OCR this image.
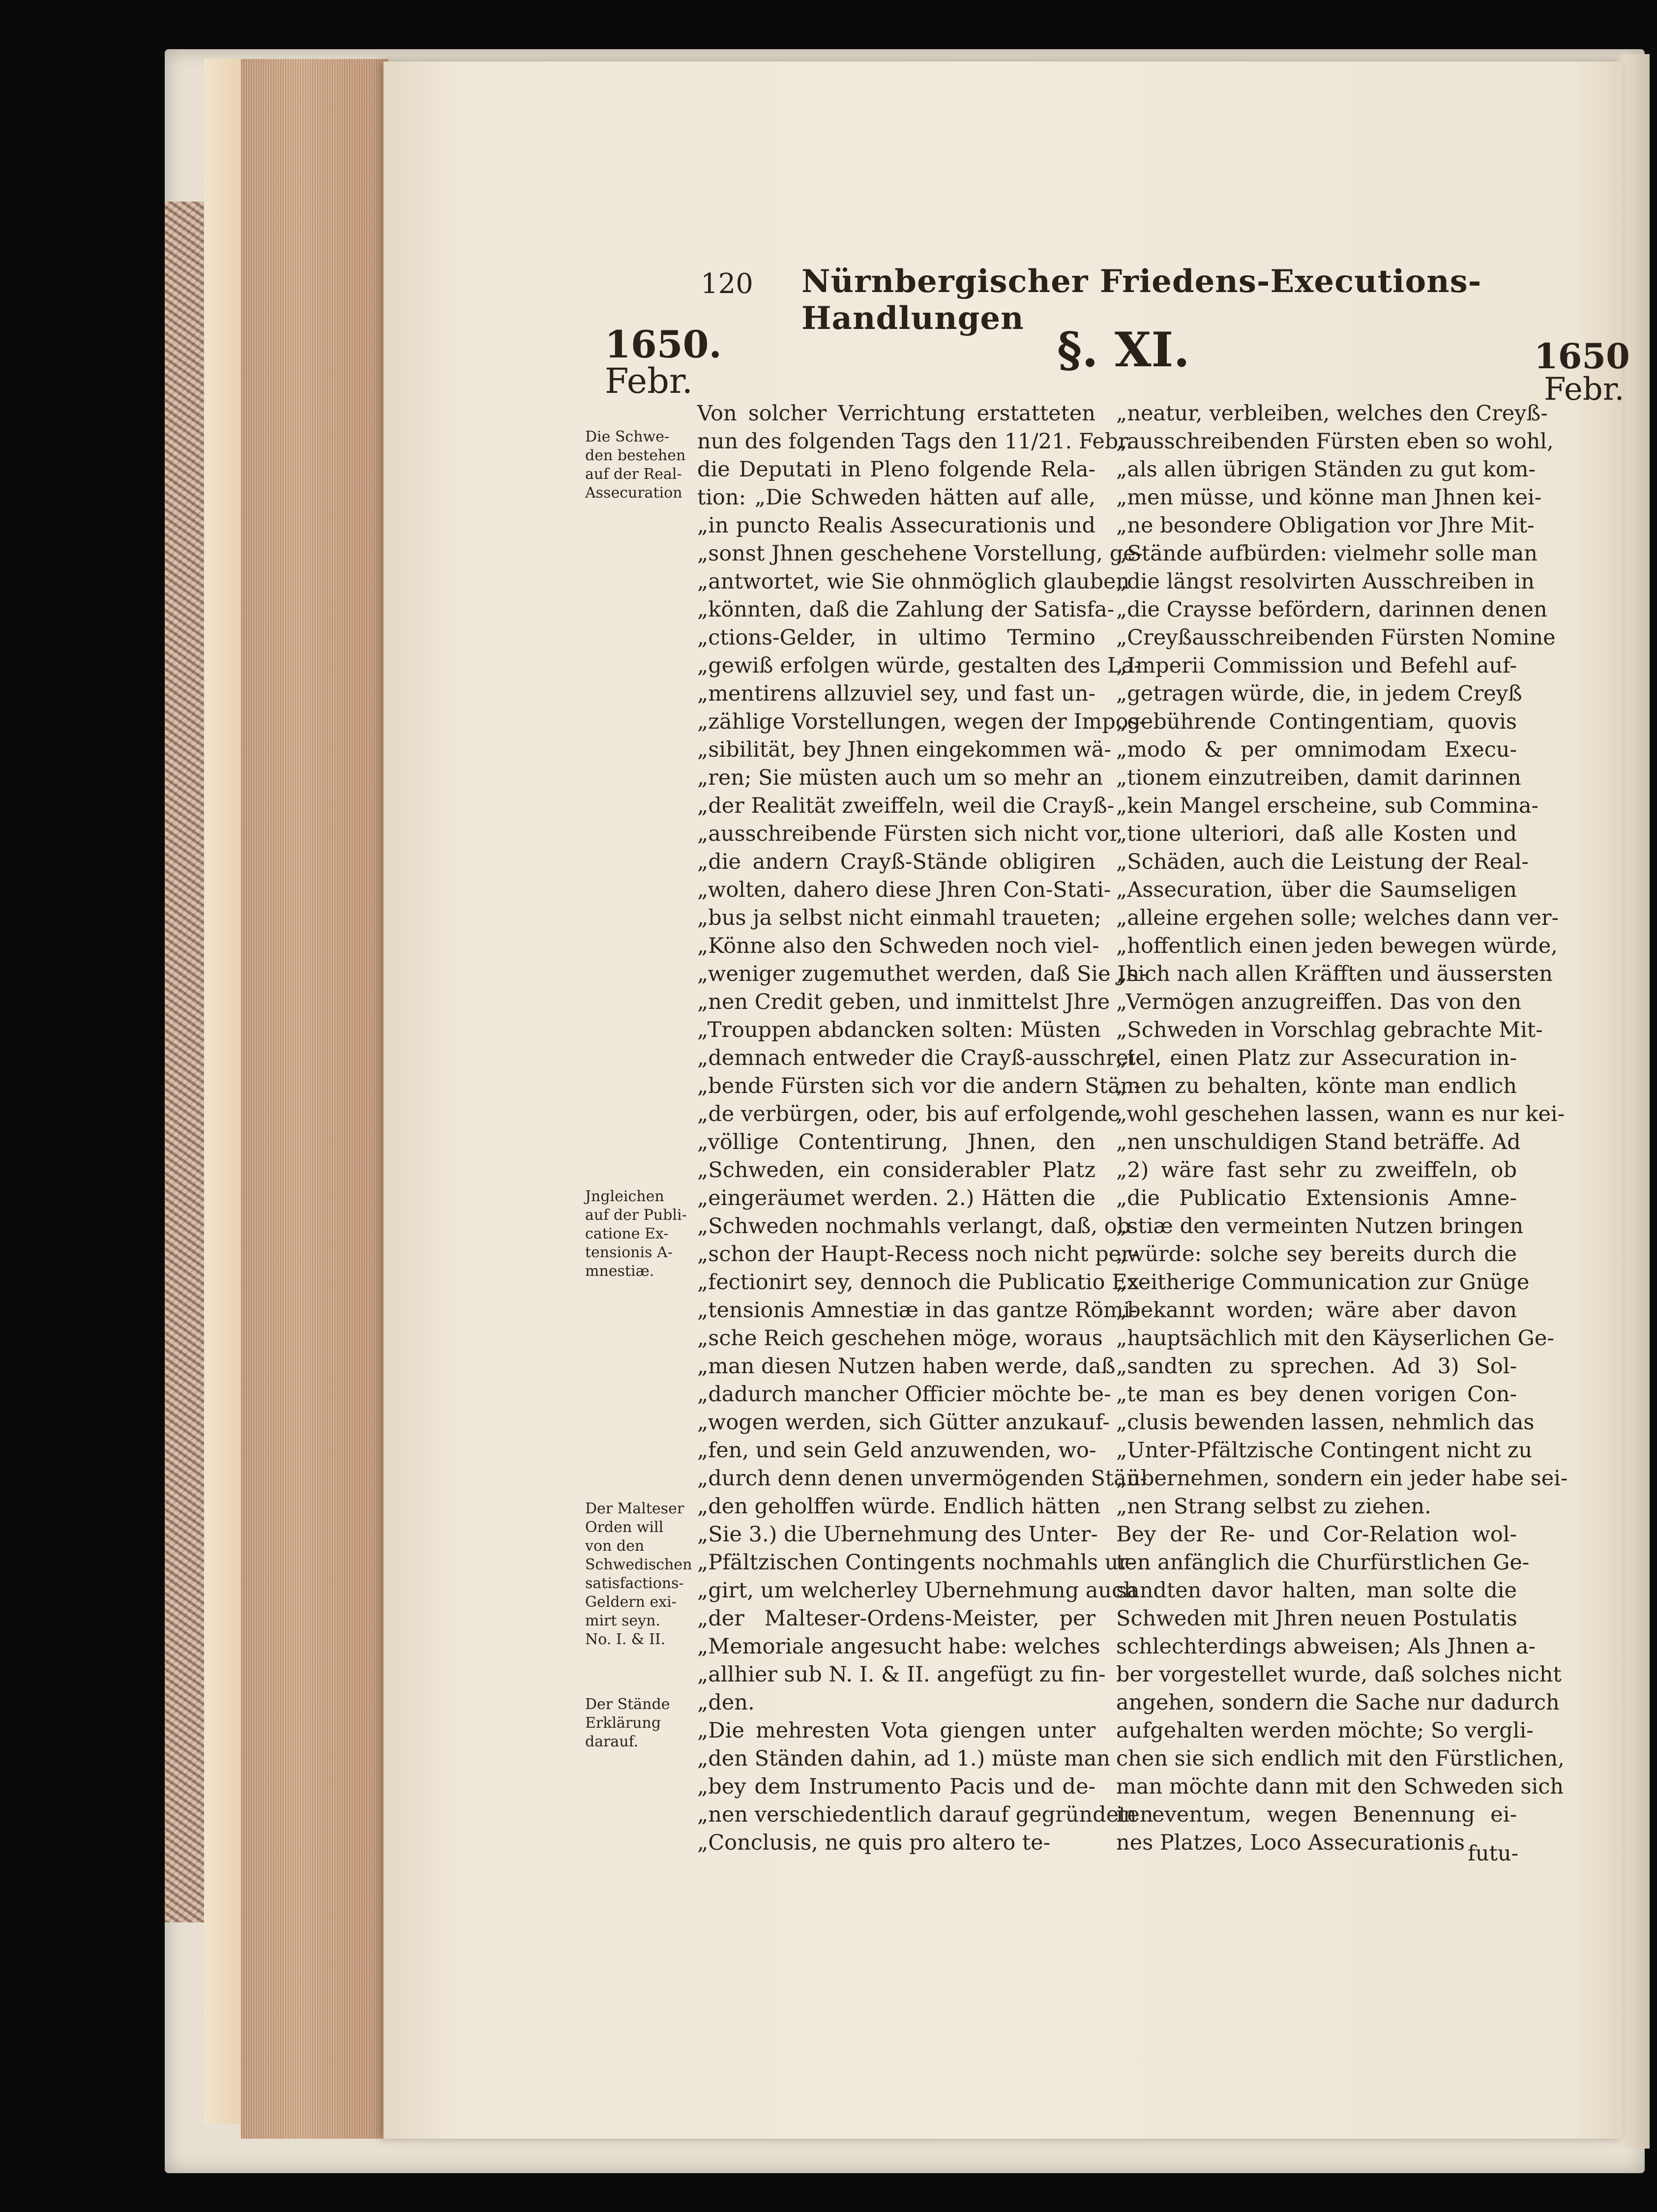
120 Nürnbergischer Friedens-Executions- Handlungen
1650.
Febr.
§. XI.	1650
Febr.
Die Schwe-
den bestehen
auf der Real-
Assecuration
Jngleichen
auf der Publi-
catione Ex-
tensionis A-
mnestiæ.
Der Malteser
Orden will
von den
Schwedischen
satisfactions-
Geldern exi-
mirt seyn.
No. I. & II.
Der Stände
Erklärung
darauf.
Von solcher Verrichtung erstatteten
nun des folgenden Tags den 11/21. Febr.
die Deputati in Pleno folgende Rela-
tion: „Die Schweden hätten auf alle,
„in puncto Realis Assecurationis und
„sonst Jhnen geschehene Vorstellung, ge-
„antwortet, wie Sie ohnmöglich glauben
„könnten, daß die Zahlung der Satisfa-
„ctions-Gelder, in ultimo Termino
„gewiß erfolgen würde, gestalten des La-
„mentirens allzuviel sey, und fast un-
„zählige Vorstellungen, wegen der Impos-
„sibilität, bey Jhnen eingekommen wä-
„ren; Sie müsten auch um so mehr an
„der Realität zweiffeln, weil die Crayß-
„ausschreibende Fürsten sich nicht vor
„die andern Crayß-Stände obligiren
„wolten, dahero diese Jhren Con-Stati-
„bus ja selbst nicht einmahl traueten;
„Könne also den Schweden noch viel-
„weniger zugemuthet werden, daß Sie Jh-
„nen Credit geben, und inmittelst Jhre
„Trouppen abdancken solten: Müsten
„demnach entweder die Crayß-ausschrei-
„bende Fürsten sich vor die andern Stän-
„de verbürgen, oder, bis auf erfolgende
„völlige Contentirung, Jhnen, den
„Schweden, ein considerabler Platz
„eingeräumet werden. 2.) Hätten die
„Schweden nochmahls verlangt, daß, ob
„schon der Haupt-Recess noch nicht per-
„fectionirt sey, dennoch die Publicatio Ex-
„tensionis Amnestiæ in das gantze Römi-
„sche Reich geschehen möge, woraus
„man diesen Nutzen haben werde, daß
„dadurch mancher Officier möchte be-
„wogen werden, sich Gütter anzukauf-
„fen, und sein Geld anzuwenden, wo-
„durch denn denen unvermögenden Stän-
„den geholffen würde. Endlich hätten
„Sie 3.) die Ubernehmung des Unter-
„Pfältzischen Contingents nochmahls ur-
„girt, um welcherley Ubernehmung auch
„der Malteser-Ordens-Meister, per
„Memoriale angesucht habe: welches
„allhier sub N. I. & II. angefügt zu fin-
„den.
„Die mehresten Vota giengen unter
„den Ständen dahin, ad 1.) müste man
„bey dem Instrumento Pacis und de-
„nen verschiedentlich darauf gegründeten
„Conclusis, ne quis pro altero te-
„neatur, verbleiben, welches den Creyß-
„ausschreibenden Fürsten eben so wohl,
„als allen übrigen Ständen zu gut kom-
„men müsse, und könne man Jhnen kei-
„ne besondere Obligation vor Jhre Mit-
„Stände aufbürden: vielmehr solle man
„die längst resolvirten Ausschreiben in
„die Craysse befördern, darinnen denen
„Creyßausschreibenden Fürsten Nomine
„Imperii Commission und Befehl auf-
„getragen würde, die, in jedem Creyß
„gebührende Contingentiam, quovis
„modo & per omnimodam Execu-
„tionem einzutreiben, damit darinnen
„kein Mangel erscheine, sub Commina-
„tione ulteriori, daß alle Kosten und
„Schäden, auch die Leistung der Real-
„Assecuration, über die Saumseligen
„alleine ergehen solle; welches dann ver-
„hoffentlich einen jeden bewegen würde,
„sich nach allen Kräfften und äussersten
„Vermögen anzugreiffen. Das von den
„Schweden in Vorschlag gebrachte Mit-
„tel, einen Platz zur Assecuration in-
„nen zu behalten, könte man endlich
„wohl geschehen lassen, wann es nur kei-
„nen unschuldigen Stand beträffe. Ad
„2) wäre fast sehr zu zweiffeln, ob
„die Publicatio Extensionis Amne-
„stiæ den vermeinten Nutzen bringen
„würde: solche sey bereits durch die
„zeitherige Communication zur Gnüge
„bekannt worden; wäre aber davon
„hauptsächlich mit den Käyserlichen Ge-
„sandten zu sprechen. Ad 3) Sol-
„te man es bey denen vorigen Con-
„clusis bewenden lassen, nehmlich das
„Unter-Pfältzische Contingent nicht zu
„übernehmen, sondern ein jeder habe sei-
„nen Strang selbst zu ziehen.
Bey der Re- und Cor-Relation wol-
ten anfänglich die Churfürstlichen Ge-
sandten davor halten, man solte die
Schweden mit Jhren neuen Postulatis
schlechterdings abweisen; Als Jhnen a-
ber vorgestellet wurde, daß solches nicht
angehen, sondern die Sache nur dadurch
aufgehalten werden möchte; So vergli-
chen sie sich endlich mit den Fürstlichen,
man möchte dann mit den Schweden sich
in eventum, wegen Benennung ei-
nes Platzes, Loco Assecurationis futu-
